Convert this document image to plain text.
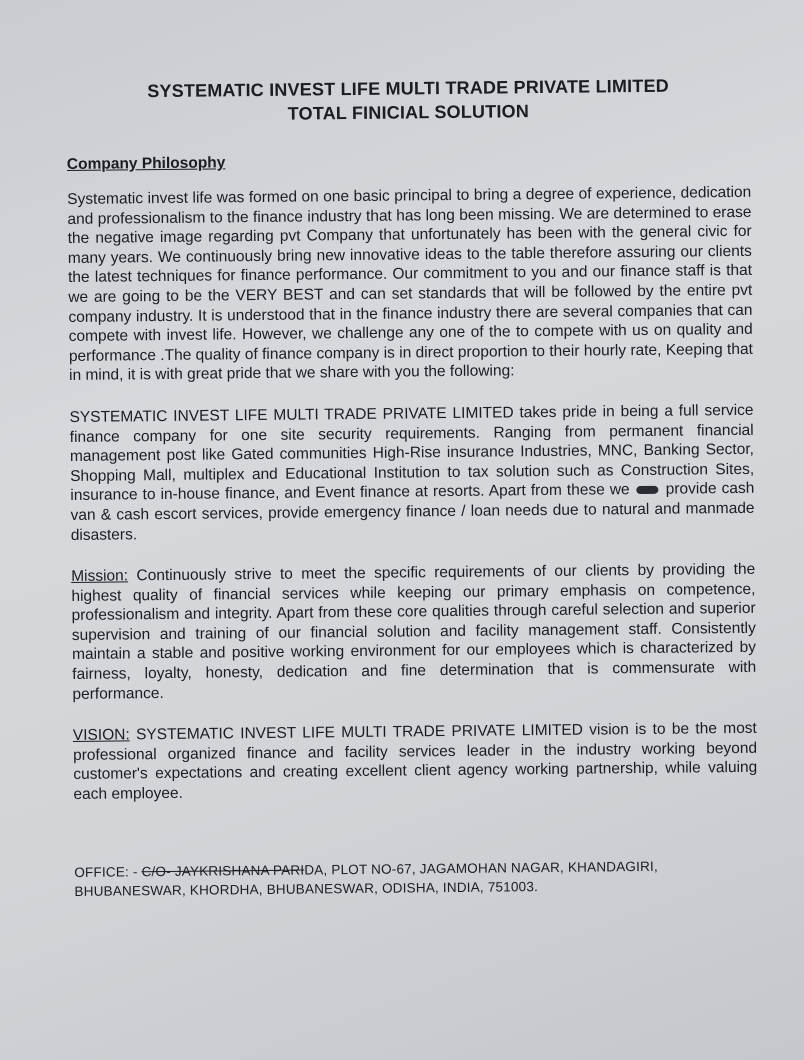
SYSTEMATIC INVEST LIFE MULTI TRADE PRIVATE LIMITED
TOTAL FINICIAL SOLUTION
Company Philosophy

Systematic invest life was formed on one basic principal to bring a degree of experience, dedication and professionalism to the finance industry that has long been missing. We are determined to erase the negative image regarding pvt Company that unfortunately has been with the general civic for many years. We continuously bring new innovative ideas to the table therefore assuring our clients the latest techniques for finance performance. Our commitment to you and our finance staff is that we are going to be the VERY BEST and can set standards that will be followed by the entire pvt company industry. It is understood that in the finance industry there are several companies that can compete with invest life. However, we challenge any one of the to compete with us on quality and performance .The quality of finance company is in direct proportion to their hourly rate, Keeping that in mind, it is with great pride that we share with you the following:

SYSTEMATIC INVEST LIFE MULTI TRADE PRIVATE LIMITED takes pride in being a full service finance company for one site security requirements. Ranging from permanent financial management post like Gated communities High-Rise insurance Industries, MNC, Banking Sector, Shopping Mall, multiplex and Educational Institution to tax solution such as Construction Sites, insurance to in-house finance, and Event finance at resorts. Apart from these we provide cash van & cash escort services, provide emergency finance / loan needs due to natural and manmade disasters.

Mission: Continuously strive to meet the specific requirements of our clients by providing the highest quality of financial services while keeping our primary emphasis on competence, professionalism and integrity. Apart from these core qualities through careful selection and superior supervision and training of our financial solution and facility management staff. Consistently maintain a stable and positive working environment for our employees which is characterized by fairness, loyalty, honesty, dedication and fine determination that is commensurate with performance.

VISION: SYSTEMATIC INVEST LIFE MULTI TRADE PRIVATE LIMITED vision is to be the most professional organized finance and facility services leader in the industry working beyond customer's expectations and creating excellent client agency working partnership, while valuing each employee.

OFFICE: - C/O- JAYKRISHANA PARIDA, PLOT NO-67, JAGAMOHAN NAGAR, KHANDAGIRI, BHUBANESWAR, KHORDHA, BHUBANESWAR, ODISHA, INDIA, 751003.
